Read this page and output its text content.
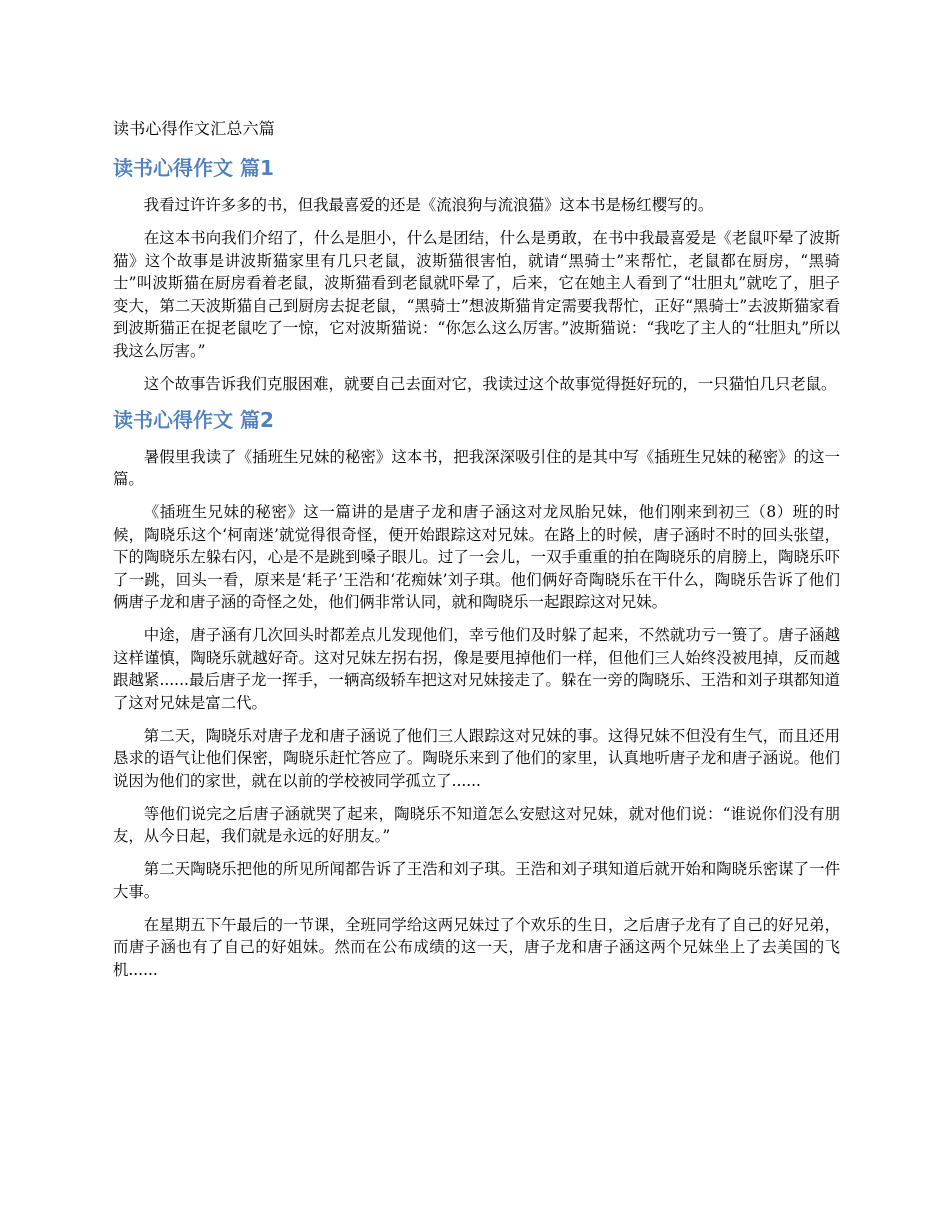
读书心得作文汇总六篇
读书心得作文 篇1

我看过许许多多的书，但我最喜爱的还是《流浪狗与流浪猫》这本书是杨红樱写的。

在这本书向我们介绍了，什么是胆小，什么是团结，什么是勇敢，在书中我最喜爱是《老鼠吓晕了波斯猫》这个故事是讲波斯猫家里有几只老鼠，波斯猫很害怕，就请“黑骑士”来帮忙，老鼠都在厨房，“黑骑士”叫波斯猫在厨房看着老鼠，波斯猫看到老鼠就吓晕了，后来，它在她主人看到了“壮胆丸”就吃了，胆子变大，第二天波斯猫自己到厨房去捉老鼠，“黑骑士”想波斯猫肯定需要我帮忙，正好“黑骑士”去波斯猫家看到波斯猫正在捉老鼠吃了一惊，它对波斯猫说：“你怎么这么厉害。”波斯猫说：“我吃了主人的“壮胆丸”所以我这么厉害。”

这个故事告诉我们克服困难，就要自己去面对它，我读过这个故事觉得挺好玩的，一只猫怕几只老鼠。

读书心得作文 篇2

暑假里我读了《插班生兄妹的秘密》这本书，把我深深吸引住的是其中写《插班生兄妹的秘密》的这一篇。

《插班生兄妹的秘密》这一篇讲的是唐子龙和唐子涵这对龙凤胎兄妹，他们刚来到初三（8）班的时候，陶晓乐这个‘柯南迷’就觉得很奇怪，便开始跟踪这对兄妹。在路上的时候，唐子涵时不时的回头张望，下的陶晓乐左躲右闪，心是不是跳到嗓子眼儿。过了一会儿，一双手重重的拍在陶晓乐的肩膀上，陶晓乐吓了一跳，回头一看，原来是‘耗子’王浩和‘花痴妹’刘子琪。他们俩好奇陶晓乐在干什么，陶晓乐告诉了他们俩唐子龙和唐子涵的奇怪之处，他们俩非常认同，就和陶晓乐一起跟踪这对兄妹。

中途，唐子涵有几次回头时都差点儿发现他们，幸亏他们及时躲了起来，不然就功亏一篑了。唐子涵越这样谨慎，陶晓乐就越好奇。这对兄妹左拐右拐，像是要甩掉他们一样，但他们三人始终没被甩掉，反而越跟越紧......最后唐子龙一挥手，一辆高级轿车把这对兄妹接走了。躲在一旁的陶晓乐、王浩和刘子琪都知道了这对兄妹是富二代。

第二天，陶晓乐对唐子龙和唐子涵说了他们三人跟踪这对兄妹的事。这得兄妹不但没有生气，而且还用恳求的语气让他们保密，陶晓乐赶忙答应了。陶晓乐来到了他们的家里，认真地听唐子龙和唐子涵说。他们说因为他们的家世，就在以前的学校被同学孤立了......

等他们说完之后唐子涵就哭了起来，陶晓乐不知道怎么安慰这对兄妹，就对他们说：“谁说你们没有朋友，从今日起，我们就是永远的好朋友。”

第二天陶晓乐把他的所见所闻都告诉了王浩和刘子琪。王浩和刘子琪知道后就开始和陶晓乐密谋了一件大事。

在星期五下午最后的一节课，全班同学给这两兄妹过了个欢乐的生日，之后唐子龙有了自己的好兄弟，而唐子涵也有了自己的好姐妹。然而在公布成绩的这一天，唐子龙和唐子涵这两个兄妹坐上了去美国的飞机......
